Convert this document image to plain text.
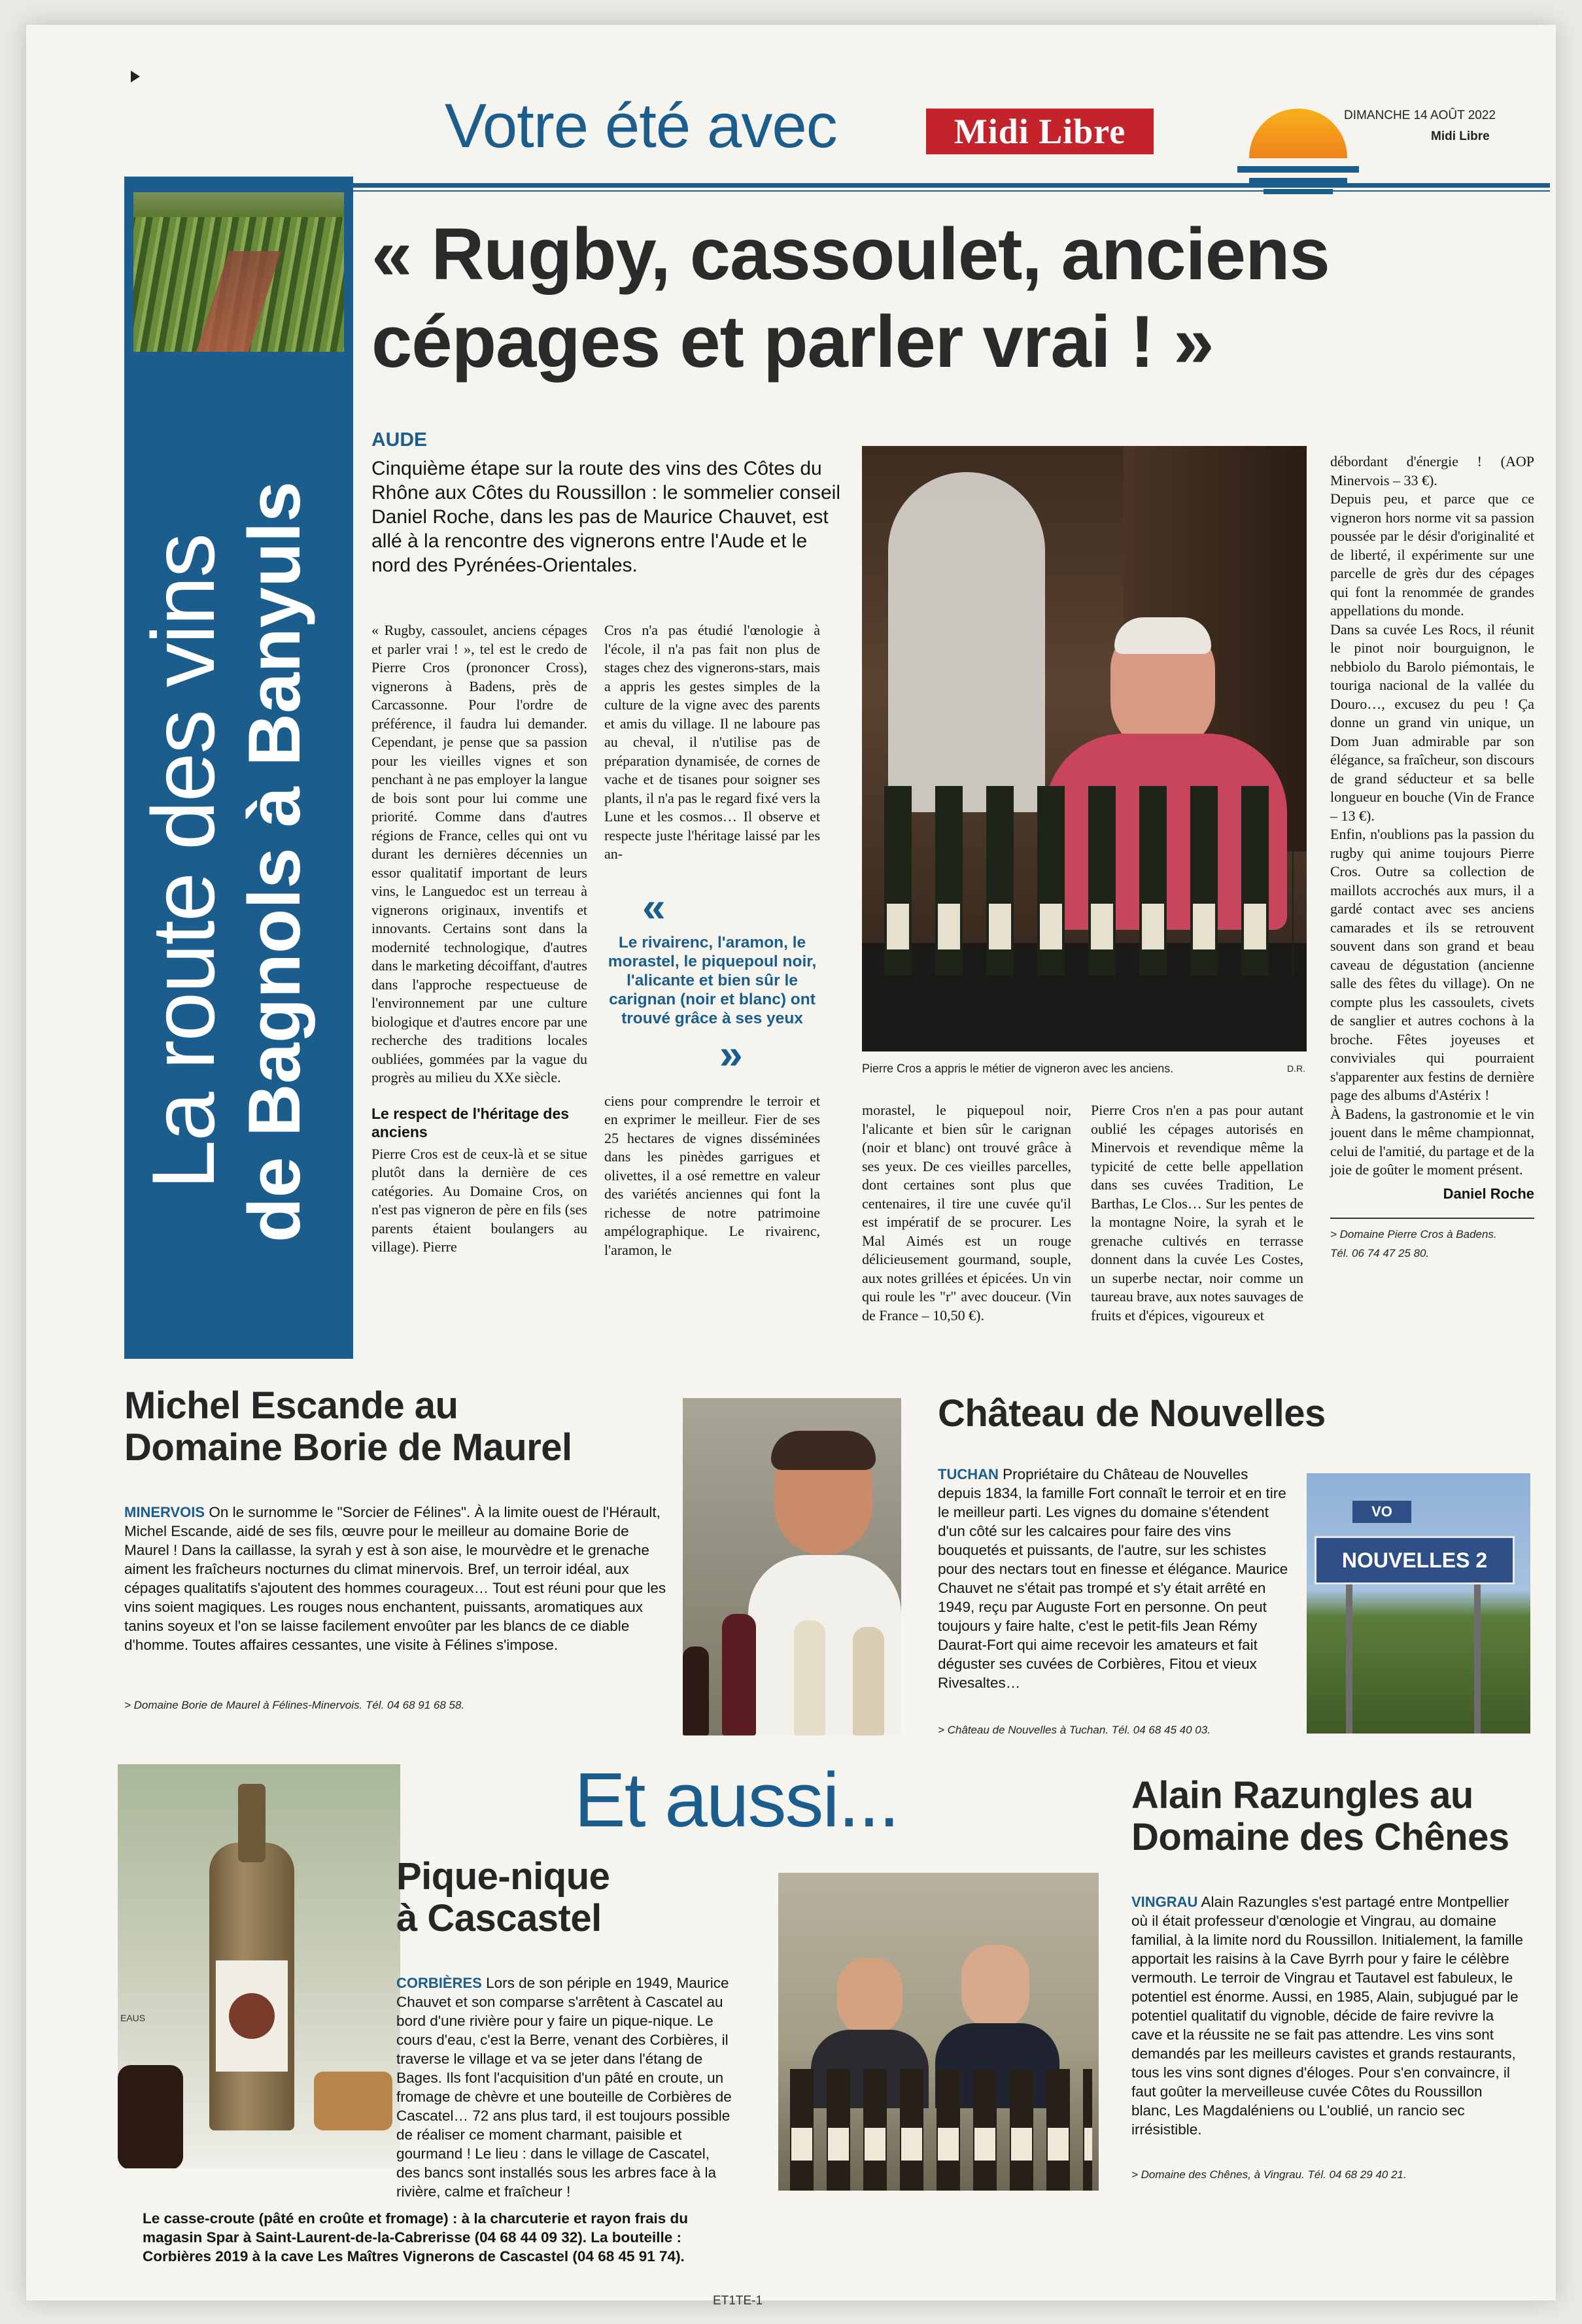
Votre été avec	Midi Libre	DIMANCHE 14 AOÛT 2022
Midi Libre
La route des vins de Bagnols à Banyuls
« Rugby, cassoulet, anciens
cépages et parler vrai ! »
AUDE

Cinquième étape sur la route des vins des Côtes du Rhône aux Côtes du Roussillon : le sommelier conseil Daniel Roche, dans les pas de Maurice Chauvet, est allé à la rencontre des vignerons entre l'Aude et le nord des Pyrénées-Orientales.

« Rugby, cassoulet, anciens cépages et parler vrai ! », tel est le credo de Pierre Cros (prononcer Cross), vignerons à Badens, près de Carcassonne. Pour l'ordre de préférence, il faudra lui demander. Cependant, je pense que sa passion pour les vieilles vignes et son penchant à ne pas employer la langue de bois sont pour lui comme une priorité. Comme dans d'autres régions de France, celles qui ont vu durant les dernières décennies un essor qualitatif important de leurs vins, le Languedoc est un terreau à vignerons originaux, inventifs et innovants. Certains sont dans la modernité technologique, d'autres dans le marketing décoiffant, d'autres dans l'approche respectueuse de l'environnement par une culture biologique et d'autres encore par une recherche des traditions locales oubliées, gommées par la vague du progrès au milieu du XXe siècle.

Le respect de l'héritage des anciens

Pierre Cros est de ceux-là et se situe plutôt dans la dernière de ces catégories. Au Domaine Cros, on n'est pas vigneron de père en fils (ses parents étaient boulangers au village). Pierre

Cros n'a pas étudié l'œnologie à l'école, il n'a pas fait non plus de stages chez des vignerons-stars, mais a appris les gestes simples de la culture de la vigne avec des parents et amis du village. Il ne laboure pas au cheval, il n'utilise pas de préparation dynamisée, de cornes de vache et de tisanes pour soigner ses plants, il n'a pas le regard fixé vers la Lune et les cosmos… Il observe et respecte juste l'héritage laissé par les an-

«

Le rivairenc, l'aramon, le morastel, le piquepoul noir, l'alicante et bien sûr le carignan (noir et blanc) ont trouvé grâce à ses yeux

»

ciens pour comprendre le terroir et en exprimer le meilleur. Fier de ses 25 hectares de vignes disséminées dans les pinèdes garrigues et olivettes, il a osé remettre en valeur des variétés anciennes qui font la richesse de notre patrimoine ampélographique. Le rivairenc, l'aramon, le

Pierre Cros a appris le métier de vigneron avec les anciens.	D.R.

morastel, le piquepoul noir, l'alicante et bien sûr le carignan (noir et blanc) ont trouvé grâce à ses yeux. De ces vieilles parcelles, dont certaines sont plus que centenaires, il tire une cuvée qu'il est impératif de se procurer. Les Mal Aimés est un rouge délicieusement gourmand, souple, aux notes grillées et épicées. Un vin qui roule les "r" avec douceur. (Vin de France – 10,50 €).

Pierre Cros n'en a pas pour autant oublié les cépages autorisés en Minervois et revendique même la typicité de cette belle appellation dans ses cuvées Tradition, Le Barthas, Le Clos… Sur les pentes de la montagne Noire, la syrah et le grenache cultivés en terrasse donnent dans la cuvée Les Costes, un superbe nectar, noir comme un taureau brave, aux notes sauvages de fruits et d'épices, vigoureux et

débordant d'énergie ! (AOP Minervois – 33 €).

Depuis peu, et parce que ce vigneron hors norme vit sa passion poussée par le désir d'originalité et de liberté, il expérimente sur une parcelle de grès dur des cépages qui font la renommée de grandes appellations du monde.

Dans sa cuvée Les Rocs, il réunit le pinot noir bourguignon, le nebbiolo du Barolo piémontais, le touriga nacional de la vallée du Douro…, excusez du peu ! Ça donne un grand vin unique, un Dom Juan admirable par son élégance, sa fraîcheur, son discours de grand séducteur et sa belle longueur en bouche (Vin de France – 13 €).

Enfin, n'oublions pas la passion du rugby qui anime toujours Pierre Cros. Outre sa collection de maillots accrochés aux murs, il a gardé contact avec ses anciens camarades et ils se retrouvent souvent dans son grand et beau caveau de dégustation (ancienne salle des fêtes du village). On ne compte plus les cassoulets, civets de sanglier et autres cochons à la broche. Fêtes joyeuses et conviviales qui pourraient s'apparenter aux festins de dernière page des albums d'Astérix !

À Badens, la gastronomie et le vin jouent dans le même championnat, celui de l'amitié, du partage et de la joie de goûter le moment présent.

Daniel Roche

> Domaine Pierre Cros à Badens.
Tél. 06 74 47 25 80.
Michel Escande au
Domaine Borie de Maurel

MINERVOIS On le surnomme le "Sorcier de Félines". À la limite ouest de l'Hérault, Michel Escande, aidé de ses fils, œuvre pour le meilleur au domaine Borie de Maurel ! Dans la caillasse, la syrah y est à son aise, le mourvèdre et le grenache aiment les fraîcheurs nocturnes du climat minervois. Bref, un terroir idéal, aux cépages qualitatifs s'ajoutent des hommes courageux… Tout est réuni pour que les vins soient magiques. Les rouges nous enchantent, puissants, aromatiques aux tanins soyeux et l'on se laisse facilement envoûter par les blancs de ce diable d'homme. Toutes affaires cessantes, une visite à Félines s'impose.

> Domaine Borie de Maurel à Félines-Minervois. Tél. 04 68 91 68 58.
Château de Nouvelles

TUCHAN Propriétaire du Château de Nouvelles depuis 1834, la famille Fort connaît le terroir et en tire le meilleur parti. Les vignes du domaine s'étendent d'un côté sur les calcaires pour faire des vins bouquetés et puissants, de l'autre, sur les schistes pour des nectars tout en finesse et élégance. Maurice Chauvet ne s'était pas trompé et s'y était arrêté en 1949, reçu par Auguste Fort en personne. On peut toujours y faire halte, c'est le petit-fils Jean Rémy Daurat-Fort qui aime recevoir les amateurs et fait déguster ses cuvées de Corbières, Fitou et vieux Rivesaltes…

> Château de Nouvelles à Tuchan. Tél. 04 68 45 40 03.
VO
NOUVELLES 2
Et aussi...
EAUS
Pique-nique
à Cascastel

CORBIÈRES Lors de son périple en 1949, Maurice Chauvet et son comparse s'arrêtent à Cascatel au bord d'une rivière pour y faire un pique-nique. Le cours d'eau, c'est la Berre, venant des Corbières, il traverse le village et va se jeter dans l'étang de Bages. Ils font l'acquisition d'un pâté en croute, un fromage de chèvre et une bouteille de Corbières de Cascatel… 72 ans plus tard, il est toujours possible de réaliser ce moment charmant, paisible et gourmand ! Le lieu : dans le village de Cascatel, des bancs sont installés sous les arbres face à la rivière, calme et fraîcheur !

Le casse-croute (pâté en croûte et fromage) : à la charcuterie et rayon frais du magasin Spar à Saint-Laurent-de-la-Cabrerisse (04 68 44 09 32). La bouteille : Corbières 2019 à la cave Les Maîtres Vignerons de Cascastel (04 68 45 91 74).

Alain Razungles au
Domaine des Chênes

VINGRAU Alain Razungles s'est partagé entre Montpellier où il était professeur d'œnologie et Vingrau, au domaine familial, à la limite nord du Roussillon. Initialement, la famille apportait les raisins à la Cave Byrrh pour y faire le célèbre vermouth. Le terroir de Vingrau et Tautavel est fabuleux, le potentiel est énorme. Aussi, en 1985, Alain, subjugué par le potentiel qualitatif du vignoble, décide de faire revivre la cave et la réussite ne se fait pas attendre. Les vins sont demandés par les meilleurs cavistes et grands restaurants, tous les vins sont dignes d'éloges. Pour s'en convaincre, il faut goûter la merveilleuse cuvée Côtes du Roussillon blanc, Les Magdaléniens ou L'oublié, un rancio sec irrésistible.

> Domaine des Chênes, à Vingrau. Tél. 04 68 29 40 21.
ET1TE-1
